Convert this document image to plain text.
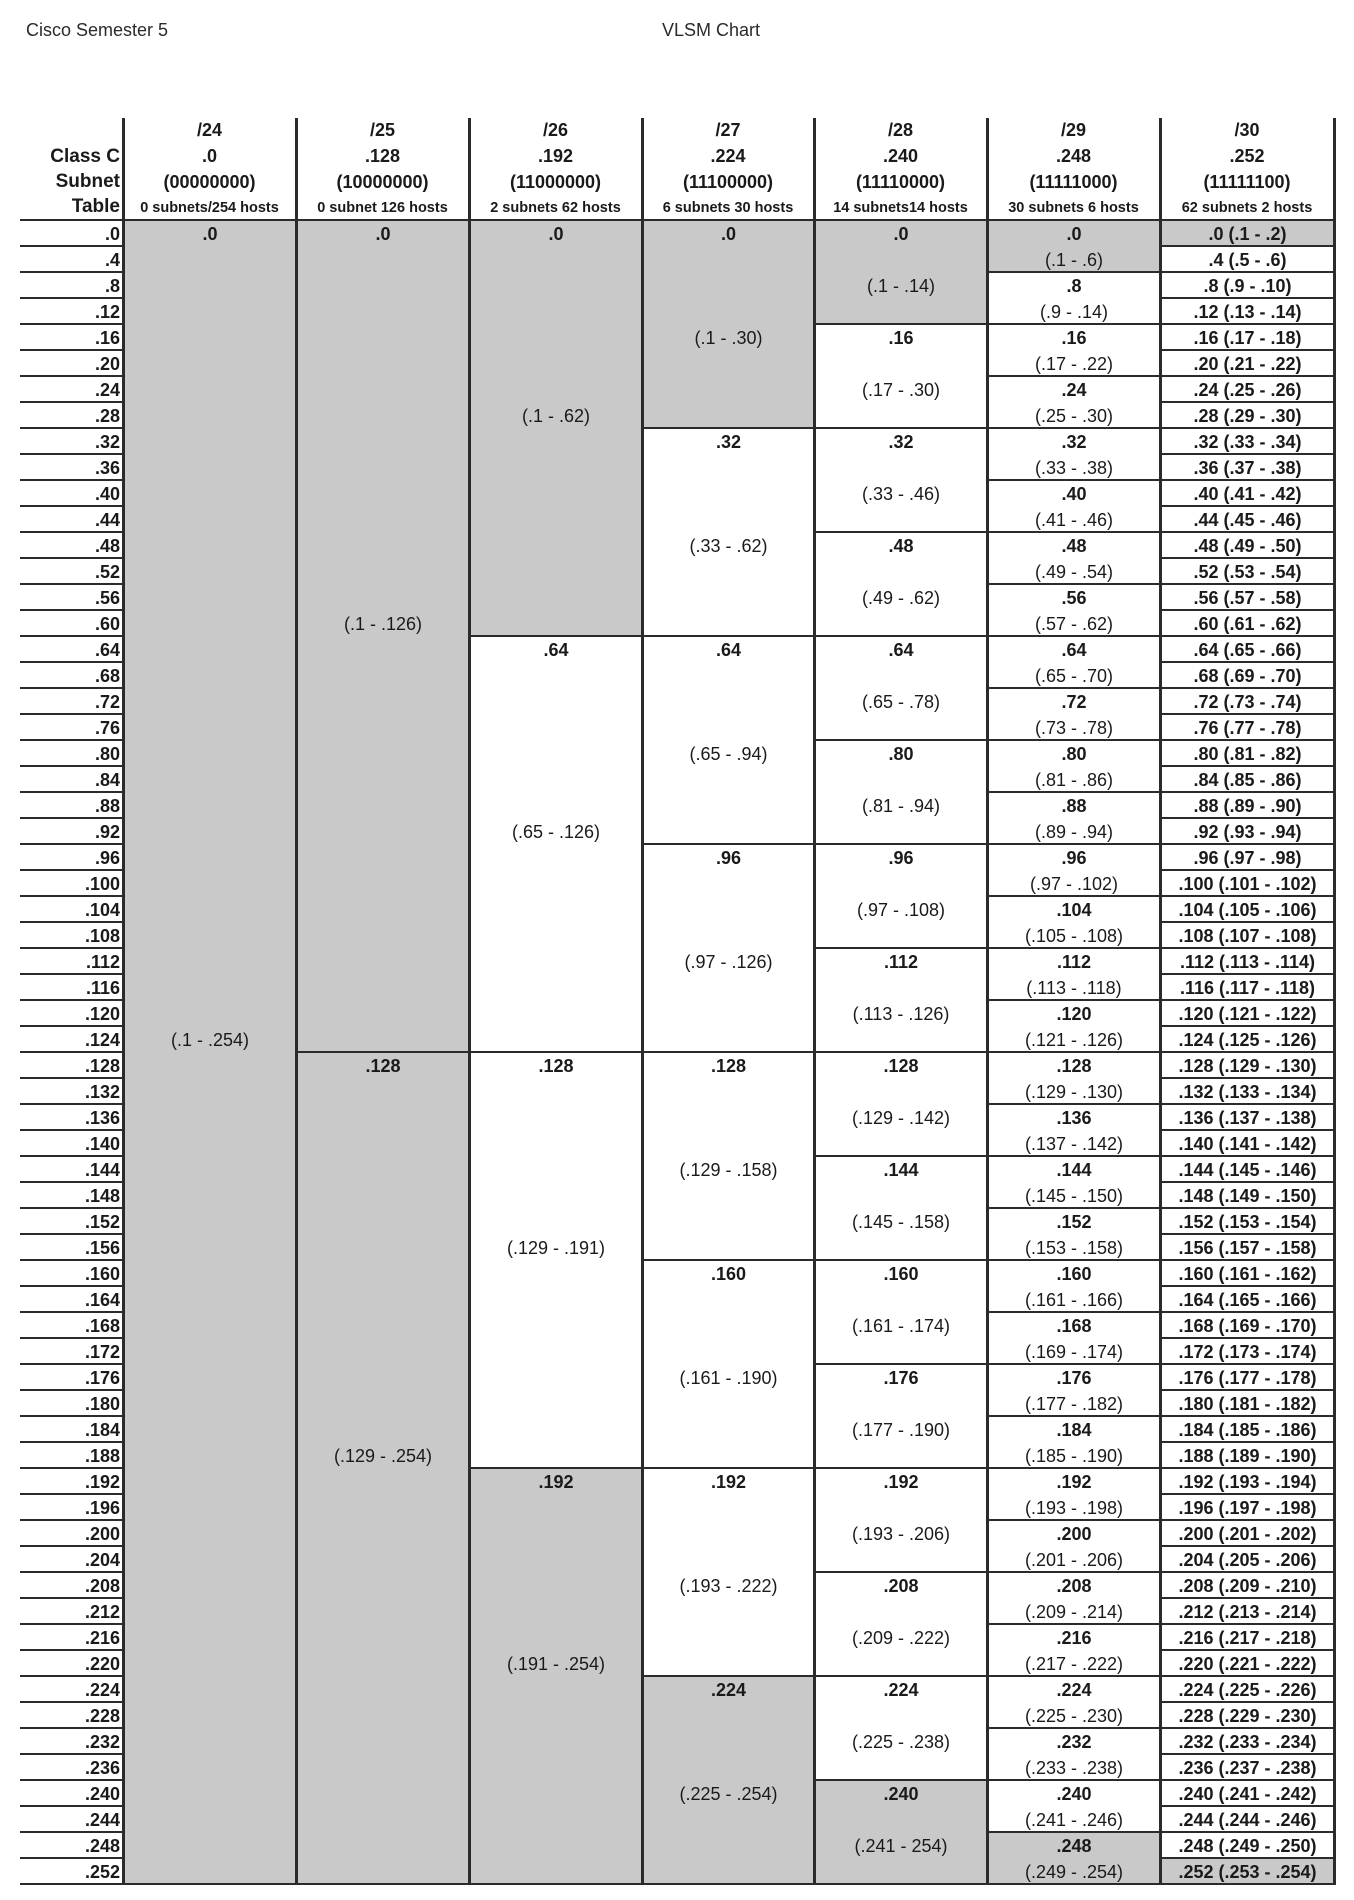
Cisco Semester 5	VLSM Chart
Class C
Subnet
Table
/24
.0
(00000000)
0 subnets/254 hosts
/25
.128
(10000000)
0 subnet 126 hosts
/26
.192
(11000000)
2 subnets 62 hosts
/27
.224
(11100000)
6 subnets 30 hosts
/28
.240
(11110000)
14 subnets14 hosts
/29
.248
(11111000)
30 subnets 6 hosts
/30
.252
(11111100)
62 subnets 2 hosts
.0
.4
.8
.12
.16
.20
.24
.28
.32
.36
.40
.44
.48
.52
.56
.60
.64
.68
.72
.76
.80
.84
.88
.92
.96
.100
.104
.108
.112
.116
.120
.124
.128
.132
.136
.140
.144
.148
.152
.156
.160
.164
.168
.172
.176
.180
.184
.188
.192
.196
.200
.204
.208
.212
.216
.220
.224
.228
.232
.236
.240
.244
.248
.252
.0
(.1 - .254)
.0
(.1 - .126)
.128
(.129 - .254)
.0
(.1 - .62)
.64
(.65 - .126)
.128
(.129 - .191)
.192
(.191 - .254)
.0
(.1 - .30)
.32
(.33 - .62)
.64
(.65 - .94)
.96
(.97 - .126)
.128
(.129 - .158)
.160
(.161 - .190)
.192
(.193 - .222)
.224
(.225 - .254)
.0
(.1 - .14)
.16
(.17 - .30)
.32
(.33 - .46)
.48
(.49 - .62)
.64
(.65 - .78)
.80
(.81 - .94)
.96
(.97 - .108)
.112
(.113 - .126)
.128
(.129 - .142)
.144
(.145 - .158)
.160
(.161 - .174)
.176
(.177 - .190)
.192
(.193 - .206)
.208
(.209 - .222)
.224
(.225 - .238)
.240
(.241 - 254)
.0
(.1 - .6)
.8
(.9 - .14)
.16
(.17 - .22)
.24
(.25 - .30)
.32
(.33 - .38)
.40
(.41 - .46)
.48
(.49 - .54)
.56
(.57 - .62)
.64
(.65 - .70)
.72
(.73 - .78)
.80
(.81 - .86)
.88
(.89 - .94)
.96
(.97 - .102)
.104
(.105 - .108)
.112
(.113 - .118)
.120
(.121 - .126)
.128
(.129 - .130)
.136
(.137 - .142)
.144
(.145 - .150)
.152
(.153 - .158)
.160
(.161 - .166)
.168
(.169 - .174)
.176
(.177 - .182)
.184
(.185 - .190)
.192
(.193 - .198)
.200
(.201 - .206)
.208
(.209 - .214)
.216
(.217 - .222)
.224
(.225 - .230)
.232
(.233 - .238)
.240
(.241 - .246)
.248
(.249 - .254)
.0 (.1 - .2)
.4 (.5 - .6)
.8 (.9 - .10)
.12 (.13 - .14)
.16 (.17 - .18)
.20 (.21 - .22)
.24 (.25 - .26)
.28 (.29 - .30)
.32 (.33 - .34)
.36 (.37 - .38)
.40 (.41 - .42)
.44 (.45 - .46)
.48 (.49 - .50)
.52 (.53 - .54)
.56 (.57 - .58)
.60 (.61 - .62)
.64 (.65 - .66)
.68 (.69 - .70)
.72 (.73 - .74)
.76 (.77 - .78)
.80 (.81 - .82)
.84 (.85 - .86)
.88 (.89 - .90)
.92 (.93 - .94)
.96 (.97 - .98)
.100 (.101 - .102)
.104 (.105 - .106)
.108 (.107 - .108)
.112 (.113 - .114)
.116 (.117 - .118)
.120 (.121 - .122)
.124 (.125 - .126)
.128 (.129 - .130)
.132 (.133 - .134)
.136 (.137 - .138)
.140 (.141 - .142)
.144 (.145 - .146)
.148 (.149 - .150)
.152 (.153 - .154)
.156 (.157 - .158)
.160 (.161 - .162)
.164 (.165 - .166)
.168 (.169 - .170)
.172 (.173 - .174)
.176 (.177 - .178)
.180 (.181 - .182)
.184 (.185 - .186)
.188 (.189 - .190)
.192 (.193 - .194)
.196 (.197 - .198)
.200 (.201 - .202)
.204 (.205 - .206)
.208 (.209 - .210)
.212 (.213 - .214)
.216 (.217 - .218)
.220 (.221 - .222)
.224 (.225 - .226)
.228 (.229 - .230)
.232 (.233 - .234)
.236 (.237 - .238)
.240 (.241 - .242)
.244 (.244 - .246)
.248 (.249 - .250)
.252 (.253 - .254)
